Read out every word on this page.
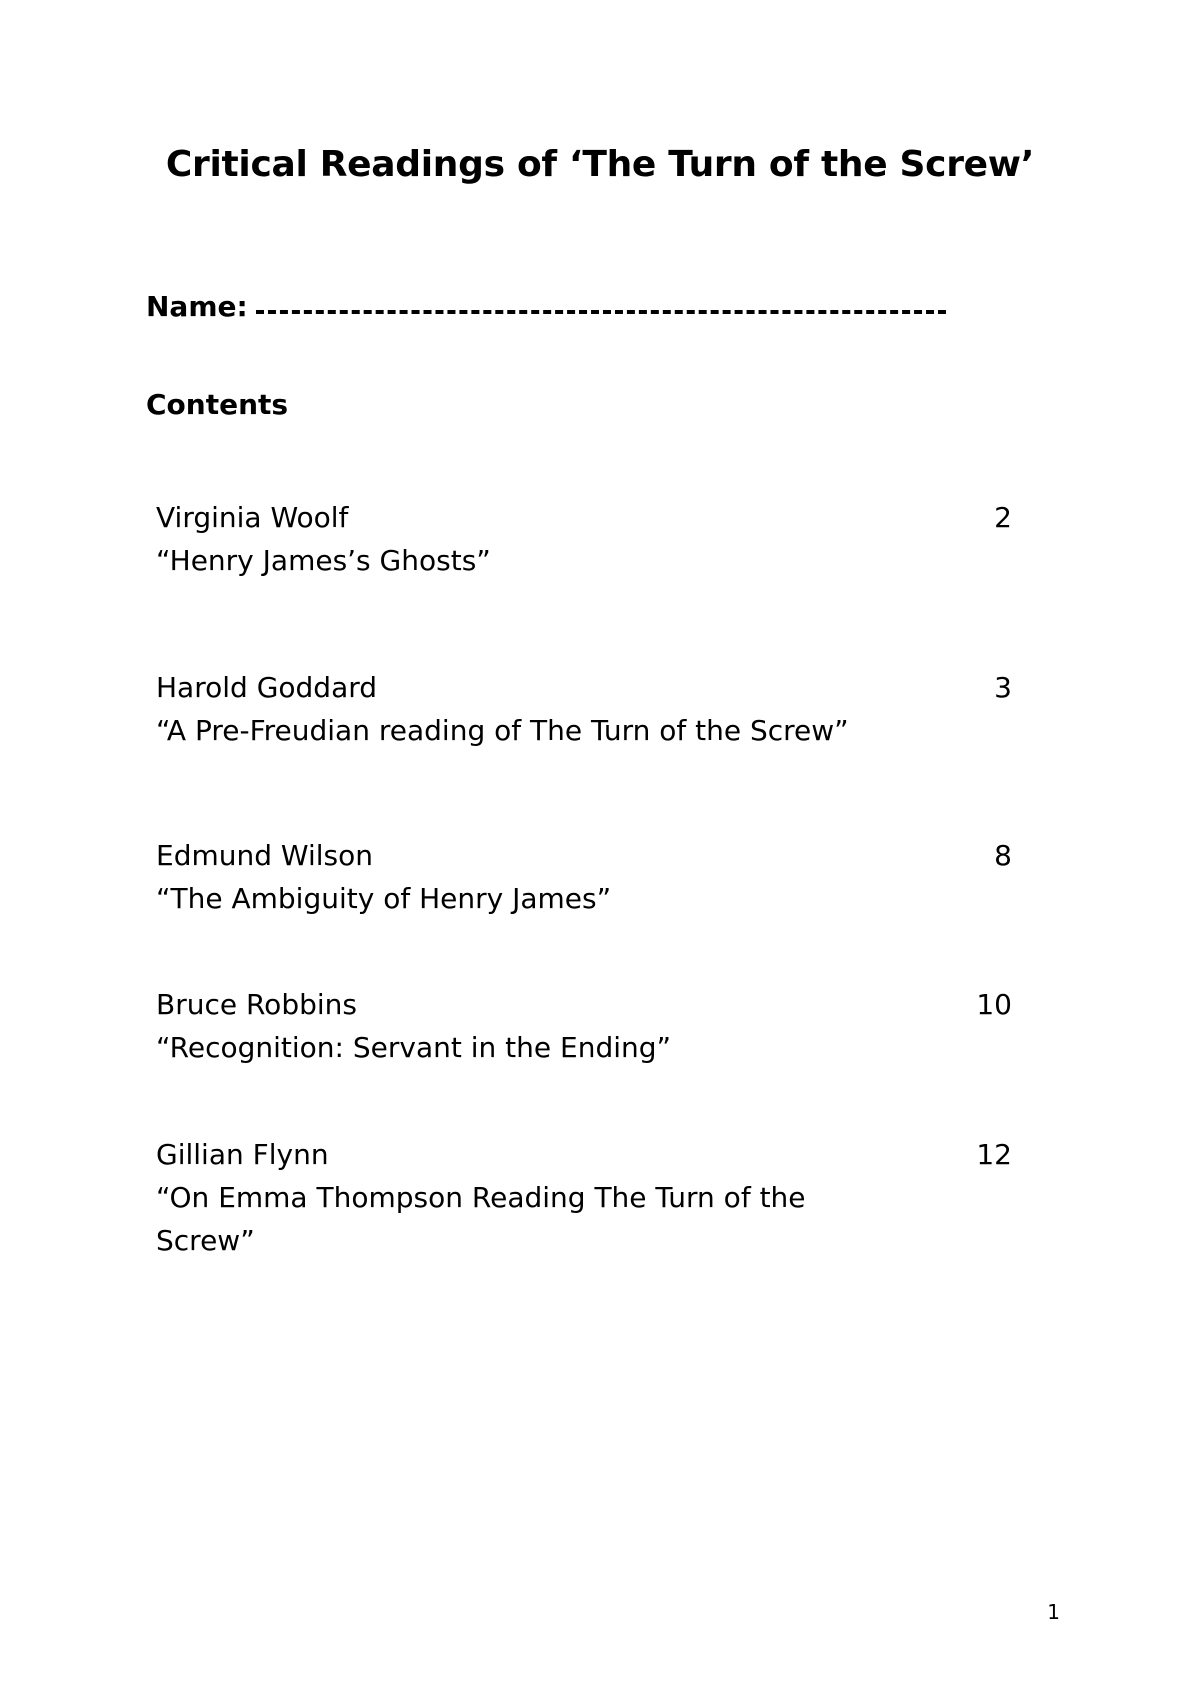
Critical Readings of ‘The Turn of the Screw’
Name:
Contents
Virginia Woolf
“Henry James’s Ghosts”
2
Harold Goddard
“A Pre-Freudian reading of The Turn of the Screw”
3
Edmund Wilson
“The Ambiguity of Henry James”
8
Bruce Robbins
“Recognition: Servant in the Ending”
10
Gillian Flynn
“On Emma Thompson Reading The Turn of the Screw”
12
1
